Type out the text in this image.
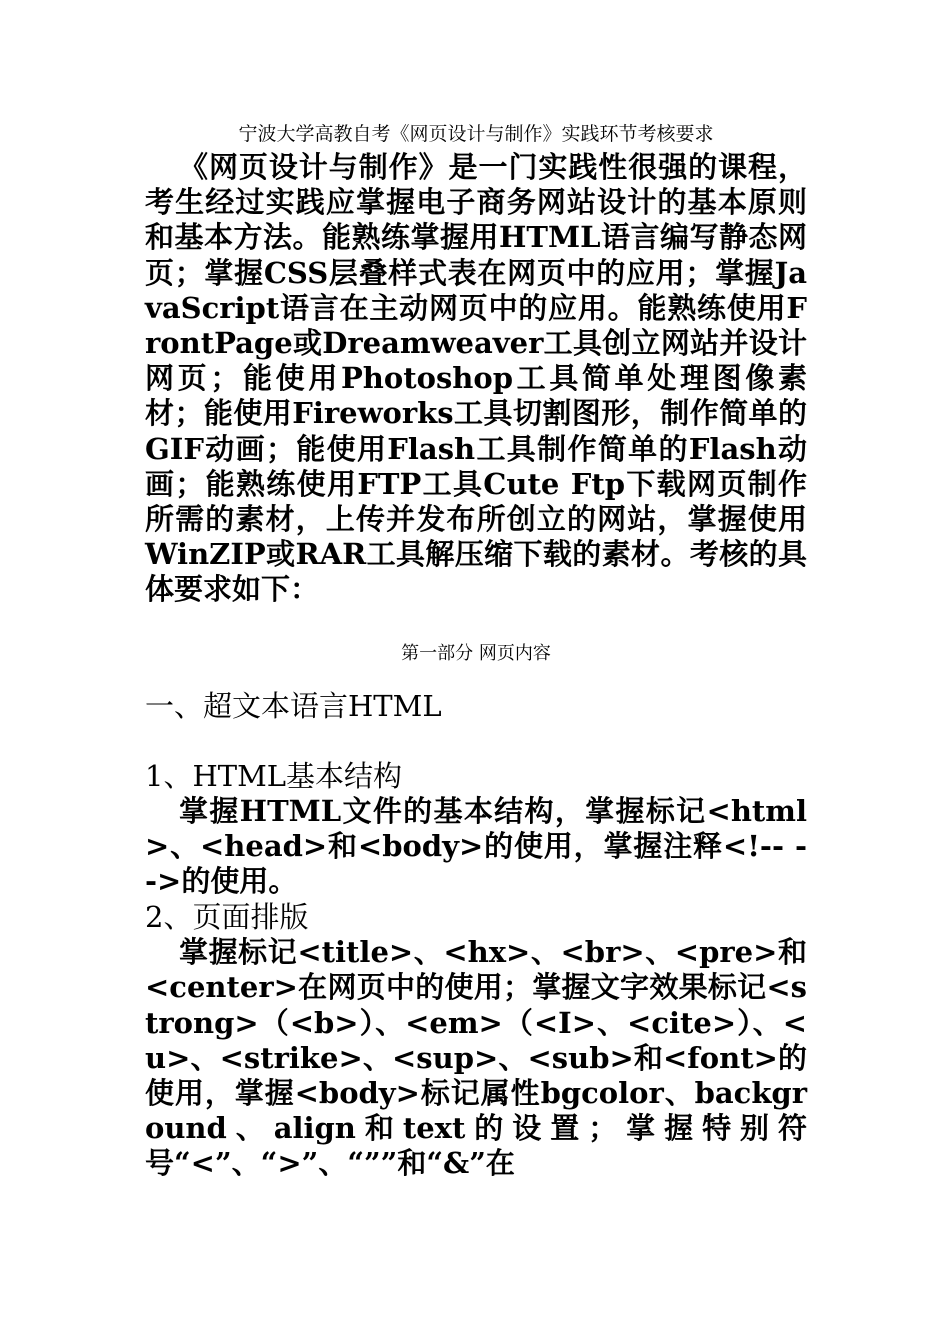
宁波大学高教自考《网页设计与制作》实践环节考核要求

《网页设计与制作》是一门实践性很强的课程，考生经过实践应掌握电子商务网站设计的基本原则和基本方法。能熟练掌握用HTML语言编写静态网页；掌握CSS层叠样式表在网页中的应用；掌握JavaScript语言在主动网页中的应用。能熟练使用FrontPage或Dreamweaver工具创立网站并设计网页；能使用Photoshop工具简单处理图像素材；能使用Fireworks工具切割图形，制作简单的GIF动画；能使用Flash工具制作简单的Flash动画；能熟练使用FTP工具Cute Ftp下载网页制作所需的素材，上传并发布所创立的网站，掌握使用WinZIP或RAR工具解压缩下载的素材。考核的具体要求如下：

第一部分 网页内容

一、超文本语言HTML

1、HTML基本结构

掌握HTML文件的基本结构，掌握标记<html>、<head>和<body>的使用，掌握注释<!-- -->的使用。

2、页面排版

掌握标记<title>、<hx>、<br>、<pre>和<center>在网页中的使用；掌握文字效果标记<strong>（<b>）、<em>（<I>、<cite>）、<u>、<strike>、<sup>、<sub>和<font>的使用，掌握<body>标记属性bgcolor、background、align和text的设置；掌握特别符号“<”、“>”、“””和“&”在
